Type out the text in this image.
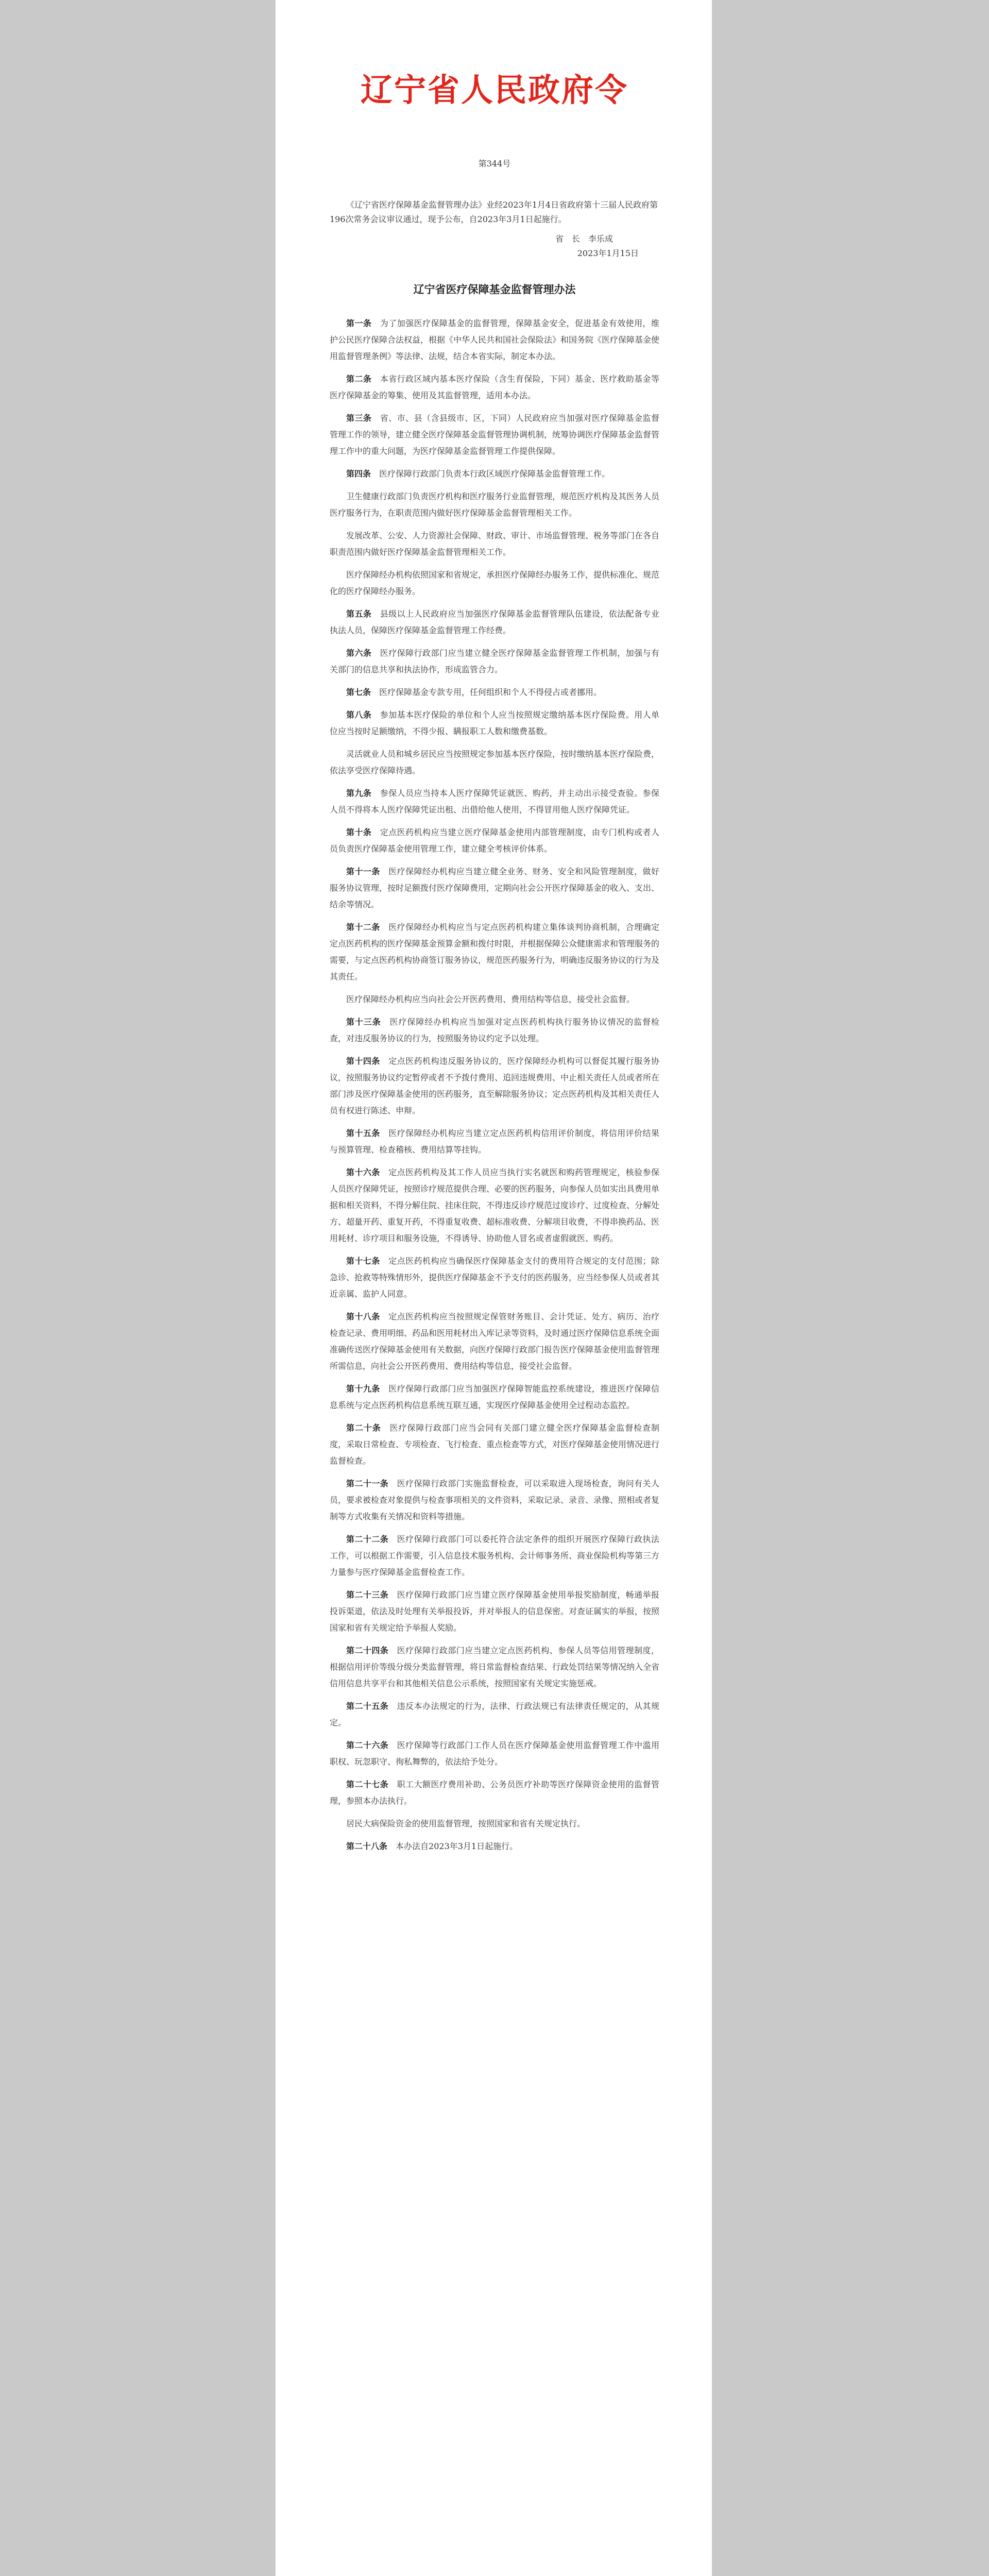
辽宁省人民政府令
第344号

《辽宁省医疗保障基金监督管理办法》业经2023年1月4日省政府第十三届人民政府第196次常务会议审议通过，现予公布，自2023年3月1日起施行。

省　长　李乐成
2023年1月15日
辽宁省医疗保障基金监督管理办法

第一条　 为了加强医疗保障基金的监督管理，保障基金安全，促进基金有效使用，维护公民医疗保障合法权益，根据《中华人民共和国社会保险法》和国务院《医疗保障基金使用监督管理条例》等法律、法规，结合本省实际，制定本办法。

第二条　 本省行政区域内基本医疗保险（含生育保险，下同）基金、医疗救助基金等医疗保障基金的筹集、使用及其监督管理，适用本办法。

第三条　 省、市、县（含县级市、区，下同）人民政府应当加强对医疗保障基金监督管理工作的领导，建立健全医疗保障基金监督管理协调机制，统筹协调医疗保障基金监督管理工作中的重大问题，为医疗保障基金监督管理工作提供保障。

第四条　 医疗保障行政部门负责本行政区域医疗保障基金监督管理工作。

卫生健康行政部门负责医疗机构和医疗服务行业监督管理，规范医疗机构及其医务人员医疗服务行为，在职责范围内做好医疗保障基金监督管理相关工作。

发展改革、公安、人力资源社会保障、财政、审计、市场监督管理、税务等部门在各自职责范围内做好医疗保障基金监督管理相关工作。

医疗保障经办机构依照国家和省规定，承担医疗保障经办服务工作，提供标准化、规范化的医疗保障经办服务。

第五条　 县级以上人民政府应当加强医疗保障基金监督管理队伍建设，依法配备专业执法人员，保障医疗保障基金监督管理工作经费。

第六条　 医疗保障行政部门应当建立健全医疗保障基金监督管理工作机制，加强与有关部门的信息共享和执法协作，形成监管合力。

第七条　 医疗保障基金专款专用，任何组织和个人不得侵占或者挪用。

第八条　 参加基本医疗保险的单位和个人应当按照规定缴纳基本医疗保险费。用人单位应当按时足额缴纳，不得少报、瞒报职工人数和缴费基数。

灵活就业人员和城乡居民应当按照规定参加基本医疗保险，按时缴纳基本医疗保险费，依法享受医疗保障待遇。

第九条　 参保人员应当持本人医疗保障凭证就医、购药，并主动出示接受查验。参保人员不得将本人医疗保障凭证出租、出借给他人使用，不得冒用他人医疗保障凭证。

第十条　 定点医药机构应当建立医疗保障基金使用内部管理制度，由专门机构或者人员负责医疗保障基金使用管理工作，建立健全考核评价体系。

第十一条　 医疗保障经办机构应当建立健全业务、财务、安全和风险管理制度，做好服务协议管理，按时足额拨付医疗保障费用，定期向社会公开医疗保障基金的收入、支出、结余等情况。

第十二条　 医疗保障经办机构应当与定点医药机构建立集体谈判协商机制，合理确定定点医药机构的医疗保障基金预算金额和拨付时限，并根据保障公众健康需求和管理服务的需要，与定点医药机构协商签订服务协议，规范医药服务行为，明确违反服务协议的行为及其责任。

医疗保障经办机构应当向社会公开医药费用、费用结构等信息，接受社会监督。

第十三条　 医疗保障经办机构应当加强对定点医药机构执行服务协议情况的监督检查，对违反服务协议的行为，按照服务协议约定予以处理。

第十四条　 定点医药机构违反服务协议的，医疗保障经办机构可以督促其履行服务协议，按照服务协议约定暂停或者不予拨付费用、追回违规费用、中止相关责任人员或者所在部门涉及医疗保障基金使用的医药服务，直至解除服务协议；定点医药机构及其相关责任人员有权进行陈述、申辩。

第十五条　 医疗保障经办机构应当建立定点医药机构信用评价制度，将信用评价结果与预算管理、检查稽核、费用结算等挂钩。

第十六条　 定点医药机构及其工作人员应当执行实名就医和购药管理规定，核验参保人员医疗保障凭证，按照诊疗规范提供合理、必要的医药服务，向参保人员如实出具费用单据和相关资料，不得分解住院、挂床住院，不得违反诊疗规范过度诊疗、过度检查、分解处方、超量开药、重复开药，不得重复收费、超标准收费、分解项目收费，不得串换药品、医用耗材、诊疗项目和服务设施，不得诱导、协助他人冒名或者虚假就医、购药。

第十七条　 定点医药机构应当确保医疗保障基金支付的费用符合规定的支付范围；除急诊、抢救等特殊情形外，提供医疗保障基金不予支付的医药服务，应当经参保人员或者其近亲属、监护人同意。

第十八条　 定点医药机构应当按照规定保管财务账目、会计凭证、处方、病历、治疗检查记录、费用明细、药品和医用耗材出入库记录等资料，及时通过医疗保障信息系统全面准确传送医疗保障基金使用有关数据，向医疗保障行政部门报告医疗保障基金使用监督管理所需信息，向社会公开医药费用、费用结构等信息，接受社会监督。

第十九条　 医疗保障行政部门应当加强医疗保障智能监控系统建设，推进医疗保障信息系统与定点医药机构信息系统互联互通，实现医疗保障基金使用全过程动态监控。

第二十条　 医疗保障行政部门应当会同有关部门建立健全医疗保障基金监督检查制度，采取日常检查、专项检查、飞行检查、重点检查等方式，对医疗保障基金使用情况进行监督检查。

第二十一条　 医疗保障行政部门实施监督检查，可以采取进入现场检查，询问有关人员，要求被检查对象提供与检查事项相关的文件资料，采取记录、录音、录像、照相或者复制等方式收集有关情况和资料等措施。

第二十二条　 医疗保障行政部门可以委托符合法定条件的组织开展医疗保障行政执法工作，可以根据工作需要，引入信息技术服务机构、会计师事务所、商业保险机构等第三方力量参与医疗保障基金监督检查工作。

第二十三条　 医疗保障行政部门应当建立医疗保障基金使用举报奖励制度，畅通举报投诉渠道，依法及时处理有关举报投诉，并对举报人的信息保密。对查证属实的举报，按照国家和省有关规定给予举报人奖励。

第二十四条　 医疗保障行政部门应当建立定点医药机构、参保人员等信用管理制度，根据信用评价等级分级分类监督管理，将日常监督检查结果、行政处罚结果等情况纳入全省信用信息共享平台和其他相关信息公示系统，按照国家有关规定实施惩戒。

第二十五条　 违反本办法规定的行为，法律、行政法规已有法律责任规定的，从其规定。

第二十六条　 医疗保障等行政部门工作人员在医疗保障基金使用监督管理工作中滥用职权、玩忽职守、徇私舞弊的，依法给予处分。

第二十七条　 职工大额医疗费用补助、公务员医疗补助等医疗保障资金使用的监督管理，参照本办法执行。

居民大病保险资金的使用监督管理，按照国家和省有关规定执行。

第二十八条　 本办法自2023年3月1日起施行。
